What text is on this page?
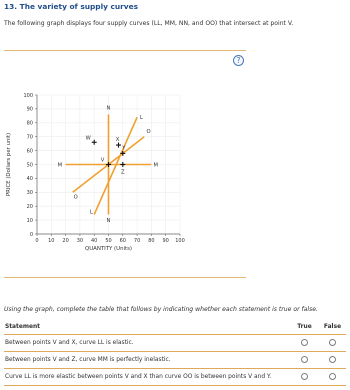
13. The variety of supply curves
The following graph displays four supply curves (LL, MM, NN, and OO) that intersect at point V.
?
0 10 20 30 40 50 60 70 80 90 100
0
10
20
30
40
50
60
70
80
90
100
V
W	X
Y
Z
N
L
O
M
M
O
L
N
QUANTITY (Units)
PRICE (Dollars per unit)
Using the graph, complete the table that follows by indicating whether each statement is true or false.
Statement	True	False
Between points V and X, curve LL is elastic.		
Between points V and Z, curve MM is perfectly inelastic.		
Curve LL is more elastic between points V and X than curve OO is between points V and Y.		
